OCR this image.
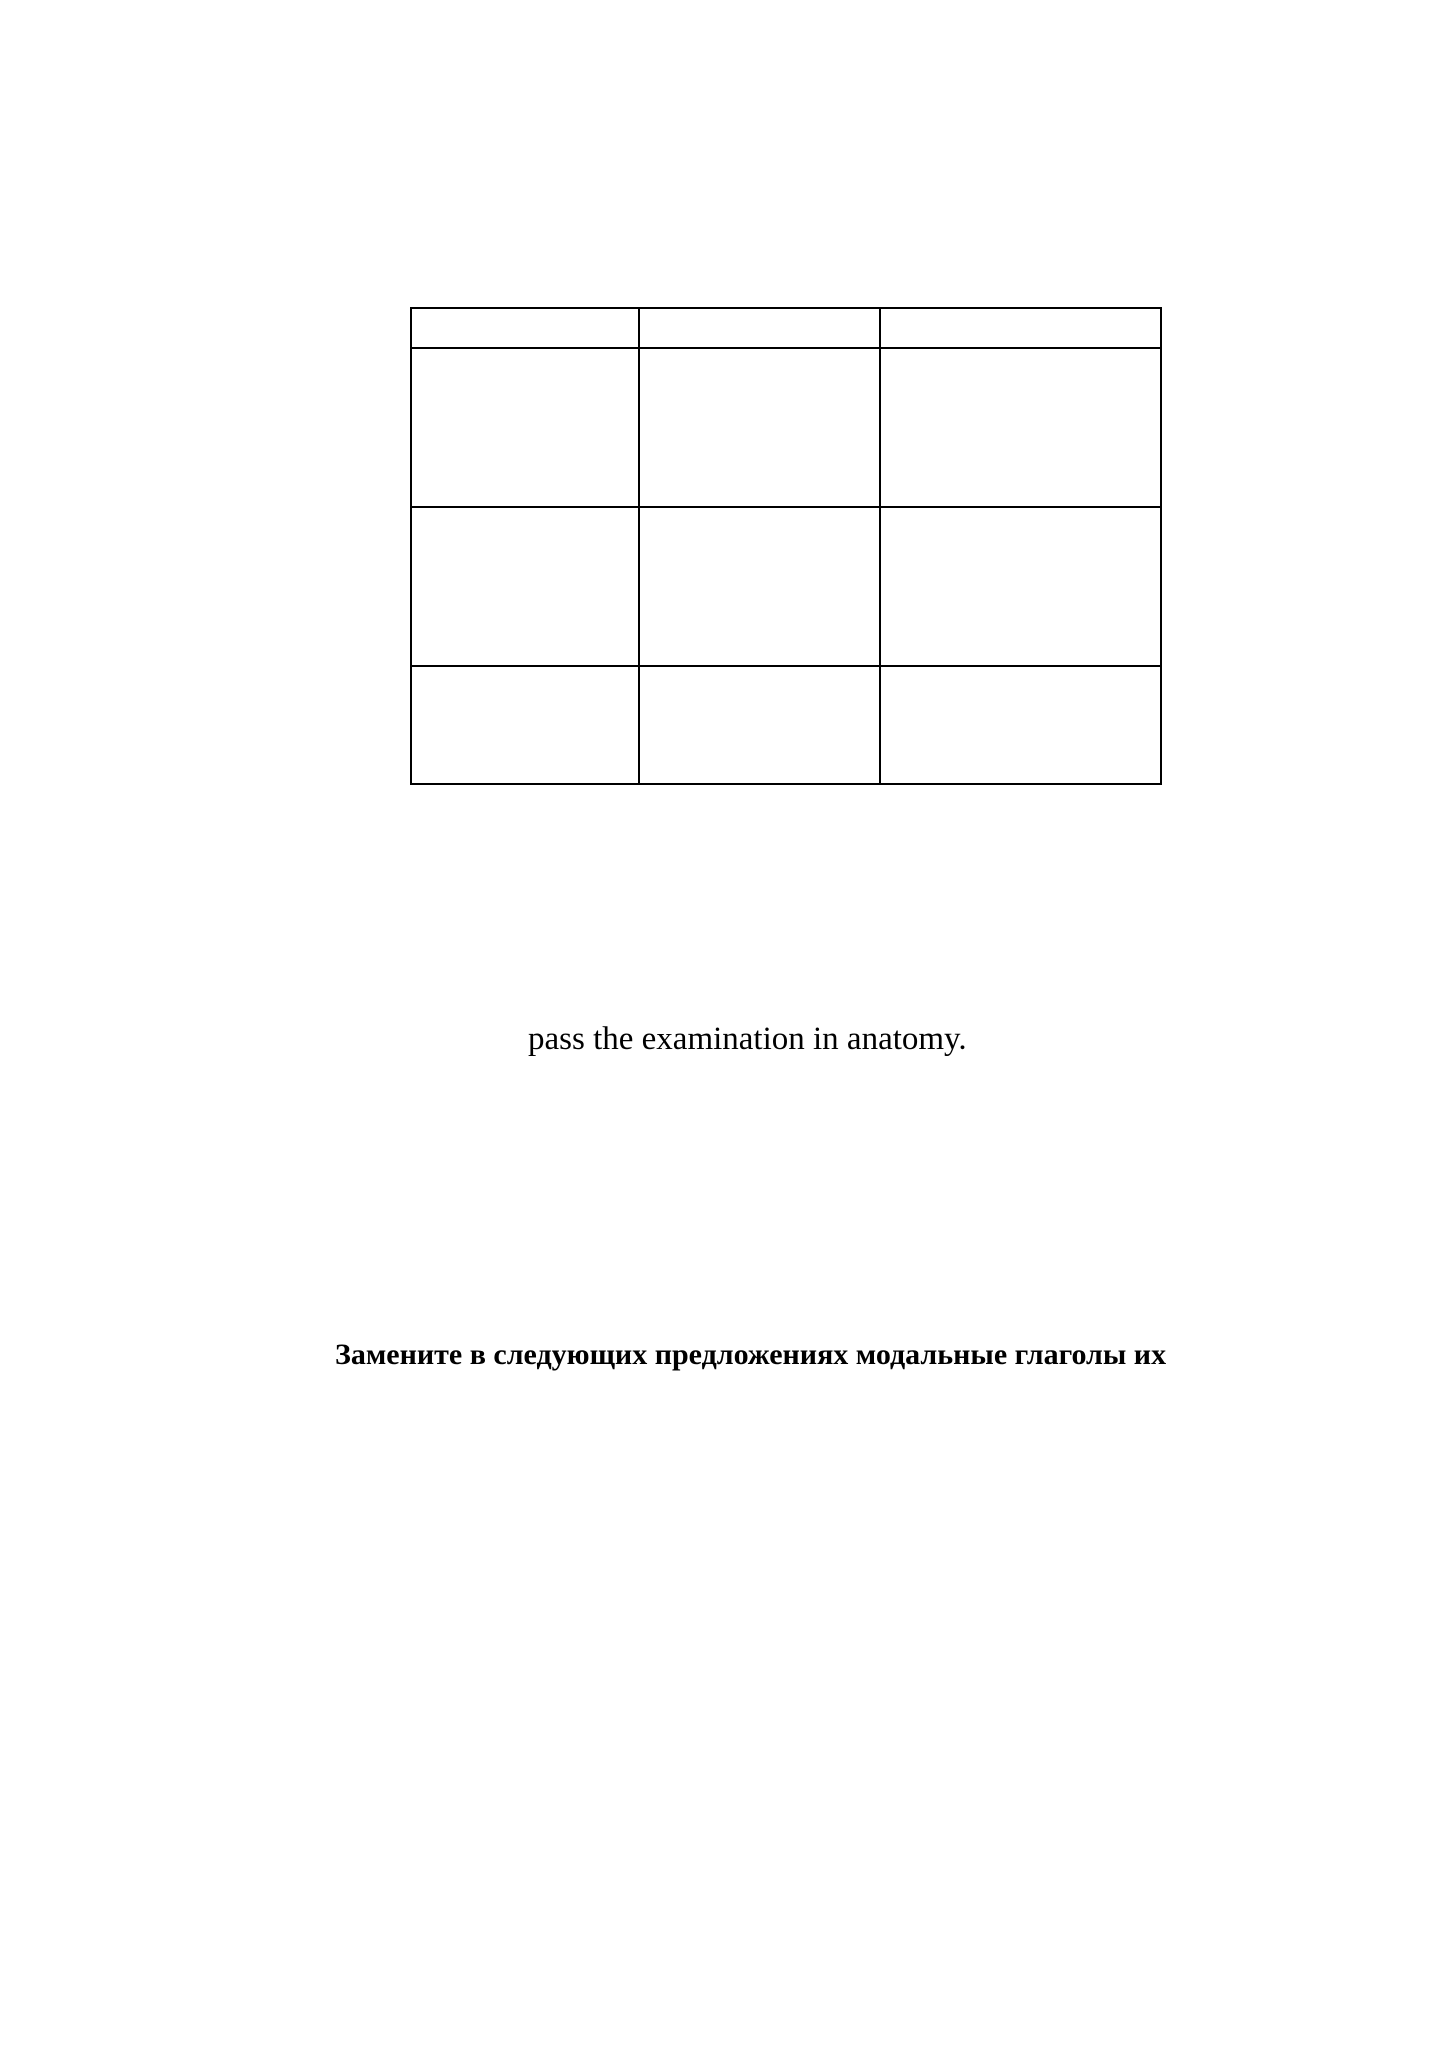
pass the examination in anatomy.
Замените в следующих предложениях модальные глаголы их
